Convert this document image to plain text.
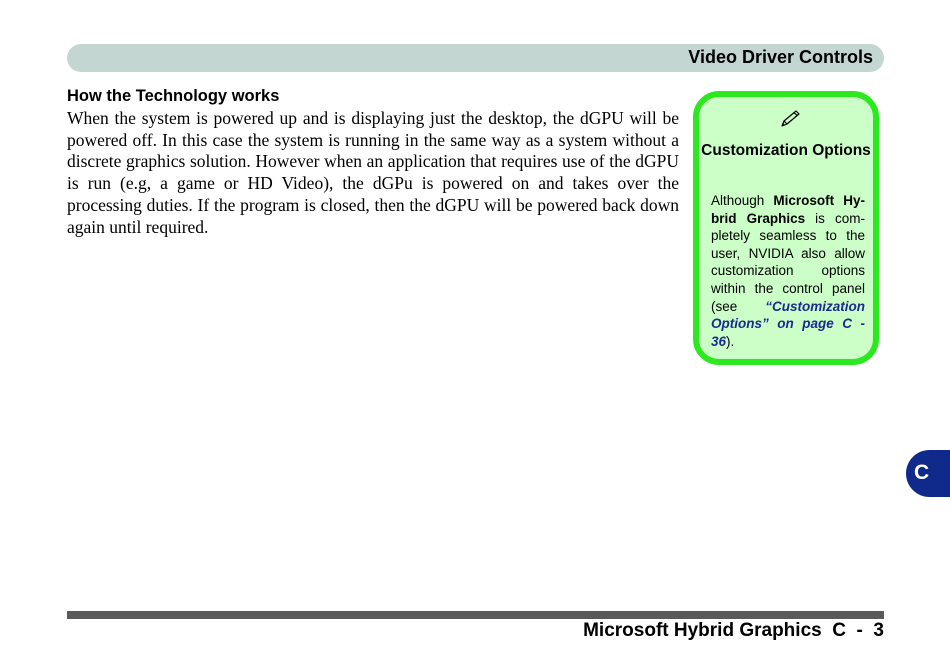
Video Driver Controls
How the Technology works

When the system is powered up and is displaying just the desktop, the dGPU will be powered off. In this case the system is running in the same way as a system without a discrete graphics solution. However when an application that requires use of the dGPU is run (e.g, a game or HD Video), the dGPu is powered on and takes over the processing duties. If the program is closed, then the dGPU will be powered back down again until required.

Customization Options

Although Microsoft Hy-brid Graphics is com-pletely seamless to the user, NVIDIA also allow customization options within the control panel (see “Customization Options” on page C - 36).

C
Microsoft Hybrid Graphics  C  -  3
